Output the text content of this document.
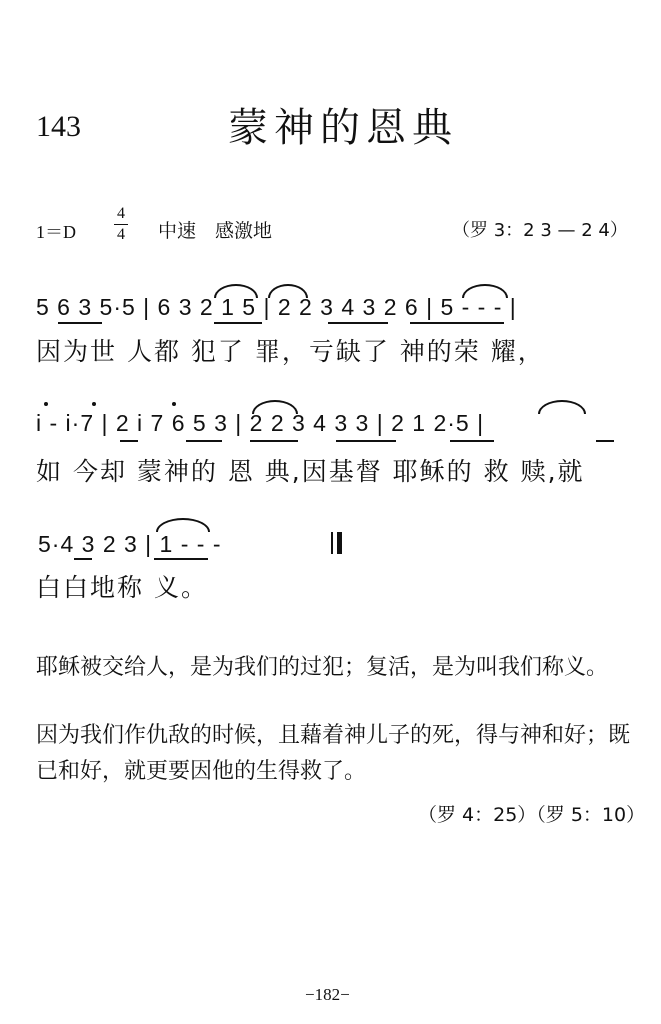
143	蒙神的恩典
1＝D
4
4 中速　感激地	（罗 3：2 3 — 2 4）
5 6 3 5·5 | 6 3 2 1 5 | 2 2 3 4 3 2 6 | 5 - - - |
因为世 人都 犯了 罪，亏缺了 神的荣 耀，
i - i·7 | 2 i 7 6 5 3 | 2 2 3 4 3 3 | 2 1 2·5 |
如 今却 蒙神的 恩 典,因基督 耶稣的 救 赎,就
5·4 3 2 3 | 1 - - -
白白地称 义。
耶稣被交给人，是为我们的过犯；复活，是为叫我们称义。
因为我们作仇敌的时候，且藉着神儿子的死，得与神和好；既已和好，就更要因他的生得救了。
（罗 4：25）（罗 5：10）
−182−
